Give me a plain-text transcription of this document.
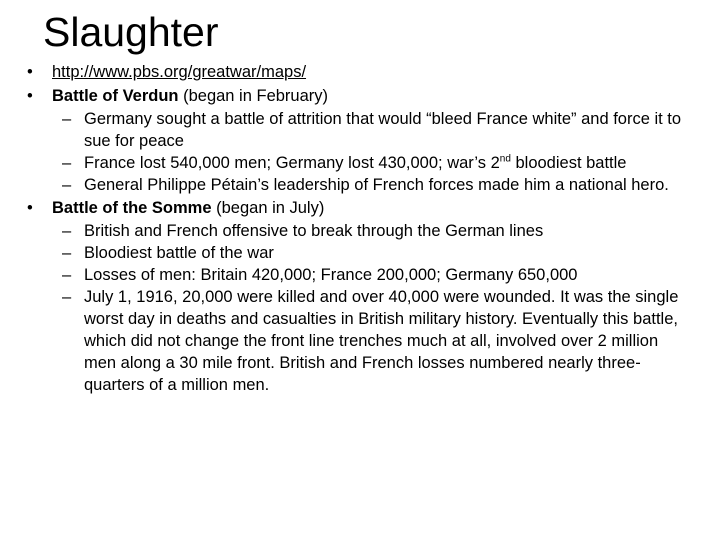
Slaughter
• http://www.pbs.org/greatwar/maps/
• Battle of Verdun (began in February)
– Germany sought a battle of attrition that would “bleed France white” and force it to sue for peace
– France lost 540,000 men; Germany lost 430,000; war’s 2nd bloodiest battle
– General Philippe Pétain’s leadership of French forces made him a national hero.
• Battle of the Somme (began in July)
– British and French offensive to break through the German lines
– Bloodiest battle of the war
– Losses of men: Britain 420,000; France 200,000; Germany 650,000
– July 1, 1916, 20,000 were killed and over 40,000 were wounded. It was the single worst day in deaths and casualties in British military history. Eventually this battle, which did not change the front line trenches much at all, involved over 2 million men along a 30 mile front. British and French losses numbered nearly three-quarters of a million men.
